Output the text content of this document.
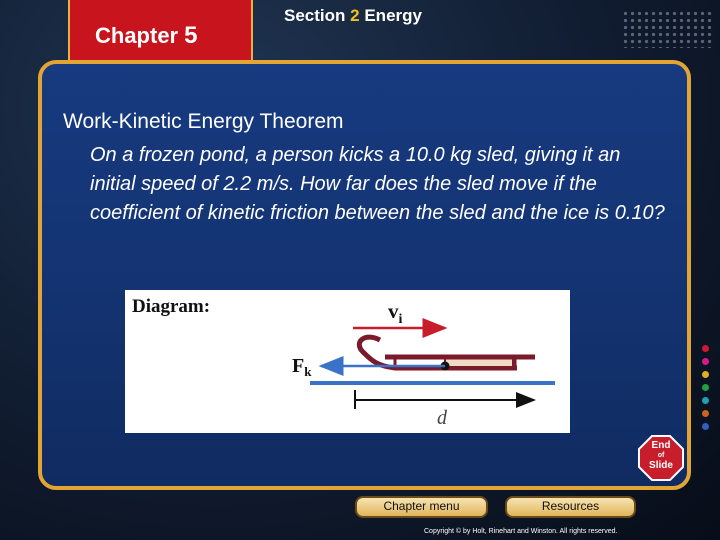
Chapter 5
Section 2 Energy
Work-Kinetic Energy Theorem
On a frozen pond, a person kicks a 10.0 kg sled, giving it an initial speed of 2.2 m/s. How far does the sled move if the coefficient of kinetic friction between the sled and the ice is 0.10?
Diagram:	$v_i$
$F_k$
d
End
of
Slide
Chapter menu	Resources
Copyright © by Holt, Rinehart and Winston. All rights reserved.
